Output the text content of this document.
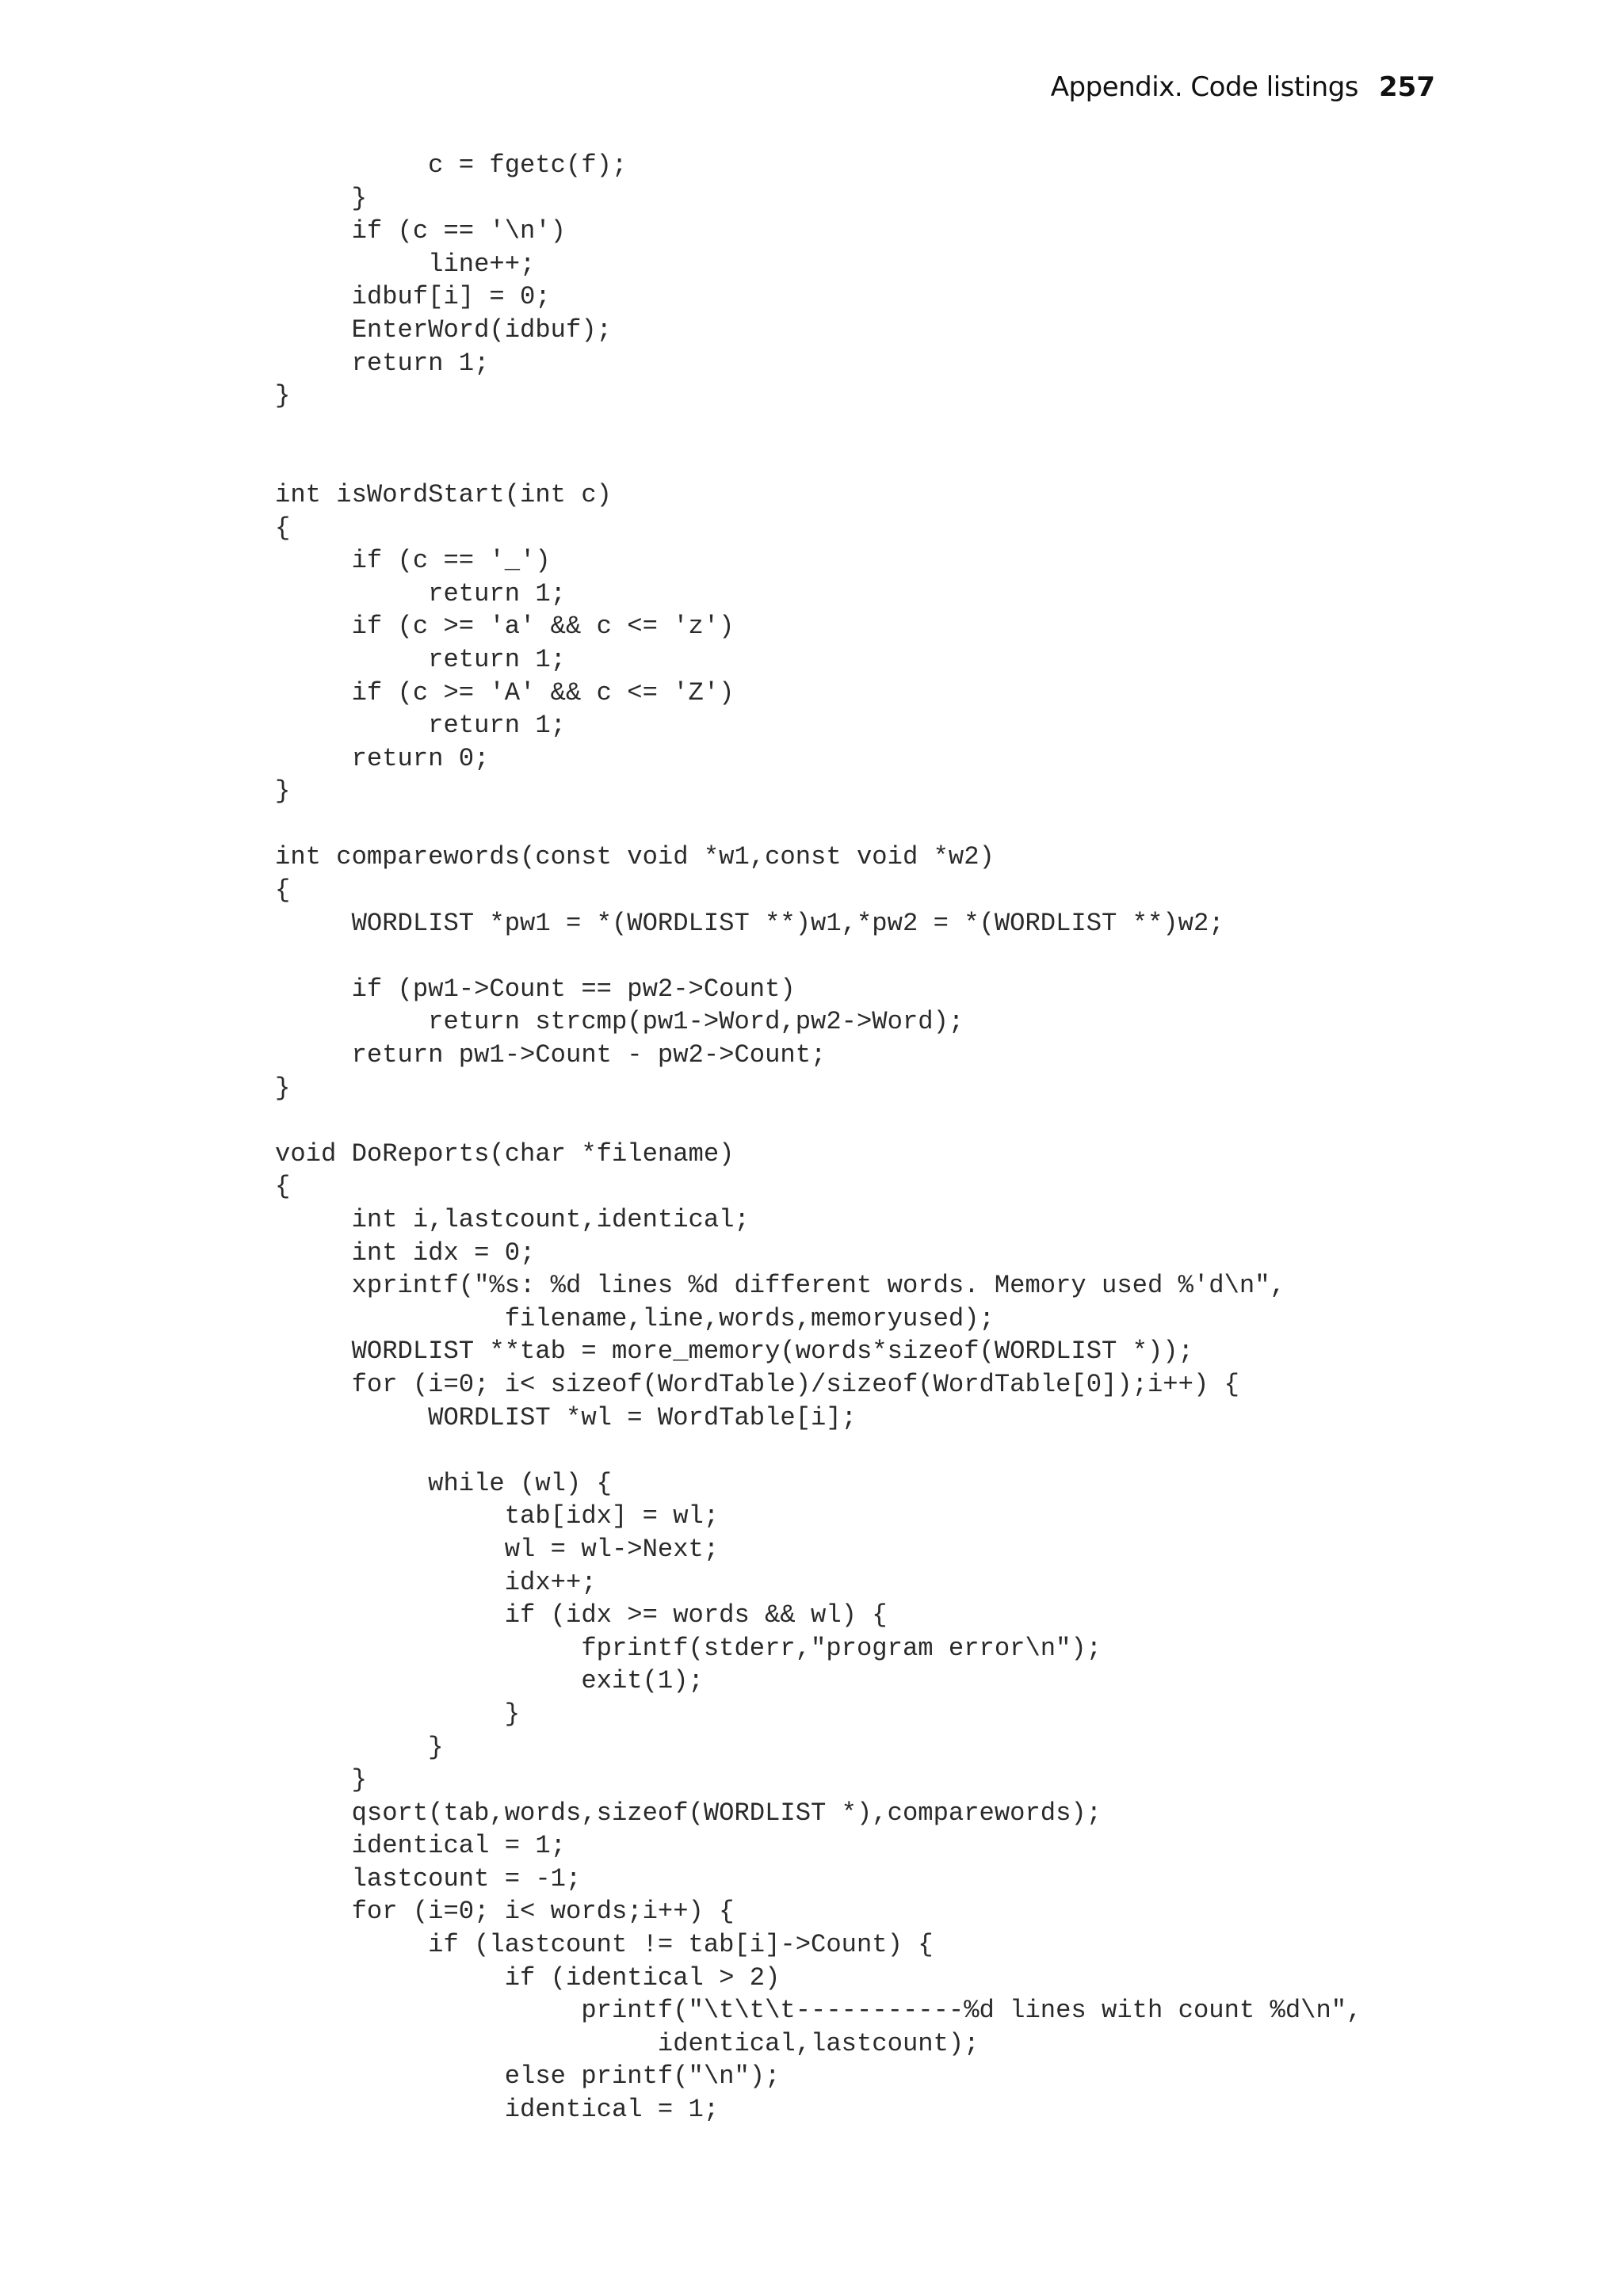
Appendix. Code listings 257
c = fgetc(f);
}
if (c == '\n')
line++;
idbuf[i] = 0;
EnterWord(idbuf);
return 1;
}
int isWordStart(int c)
{
if (c == '_')
return 1;
if (c >= 'a' && c <= 'z')
return 1;
if (c >= 'A' && c <= 'Z')
return 1;
return 0;
}
int comparewords(const void *w1,const void *w2)
{
WORDLIST *pw1 = *(WORDLIST **)w1,*pw2 = *(WORDLIST **)w2;
if (pw1->Count == pw2->Count)
return strcmp(pw1->Word,pw2->Word);
return pw1->Count - pw2->Count;
}
void DoReports(char *filename)
{
int i,lastcount,identical;
int idx = 0;
xprintf("%s: %d lines %d different words. Memory used %'d\n",
filename,line,words,memoryused);
WORDLIST **tab = more_memory(words*sizeof(WORDLIST *));
for (i=0; i< sizeof(WordTable)/sizeof(WordTable[0]);i++) {
WORDLIST *wl = WordTable[i];
while (wl) {
tab[idx] = wl;
wl = wl->Next;
idx++;
if (idx >= words && wl) {
fprintf(stderr,"program error\n");
exit(1);
}
}
}
qsort(tab,words,sizeof(WORDLIST *),comparewords);
identical = 1;
lastcount = -1;
for (i=0; i< words;i++) {
if (lastcount != tab[i]->Count) {
if (identical > 2)
printf("\t\t\t-----------%d lines with count %d\n",
identical,lastcount);
else printf("\n");
identical = 1;
